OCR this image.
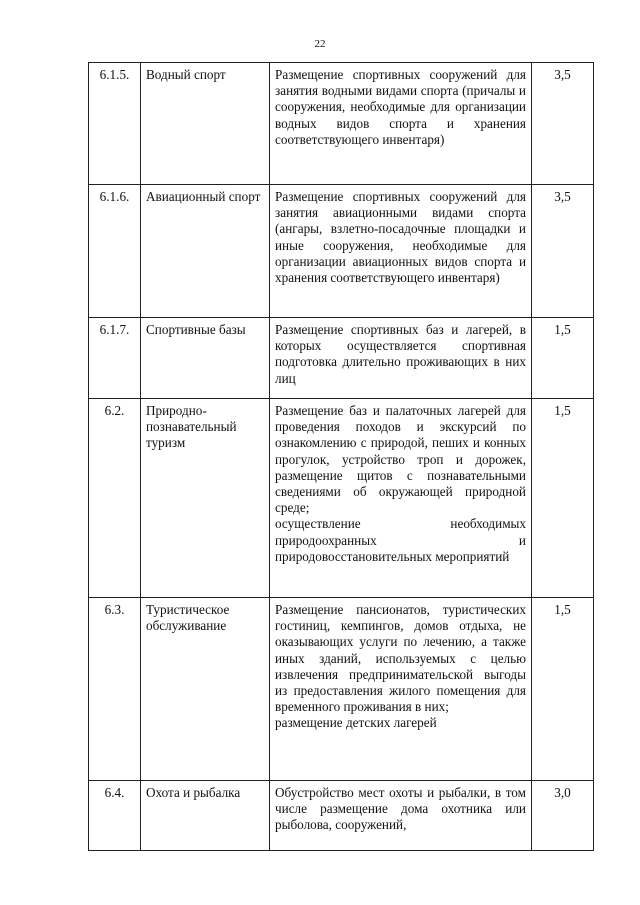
22
6.1.5.	Водный спорт	Размещение спортивных сооружений для занятия водными видами спорта (причалы и сооружения, необходимые для организации водных видов спорта и хранения соответствующего инвентаря)	3,5
6.1.6.	Авиационный спорт	Размещение спортивных сооружений для занятия авиационными видами спорта (ангары, взлетно-посадочные площадки и иные сооружения, необходимые для организации авиационных видов спорта и хранения соответствующего инвентаря)	3,5
6.1.7.	Спортивные базы	Размещение спортивных баз и лагерей, в которых осуществляется спортивная подготовка длительно проживающих в них лиц	1,5
6.2.	Природно-познавательный туризм	Размещение баз и палаточных лагерей для проведения походов и экскурсий по ознакомлению с природой, пеших и конных прогулок, устройство троп и дорожек, размещение щитов с познавательными сведениями об окружающей природной среде;
осуществление необходимых природоохранных и природовосстановительных мероприятий	1,5
6.3.	Туристическое обслуживание	Размещение пансионатов, туристических гостиниц, кемпингов, домов отдыха, не оказывающих услуги по лечению, а также иных зданий, используемых с целью извлечения предпринимательской выгоды из предоставления жилого помещения для временного проживания в них;
размещение детских лагерей	1,5
6.4.	Охота и рыбалка	Обустройство мест охоты и рыбалки, в том числе размещение дома охотника или рыболова, сооружений,	3,0
